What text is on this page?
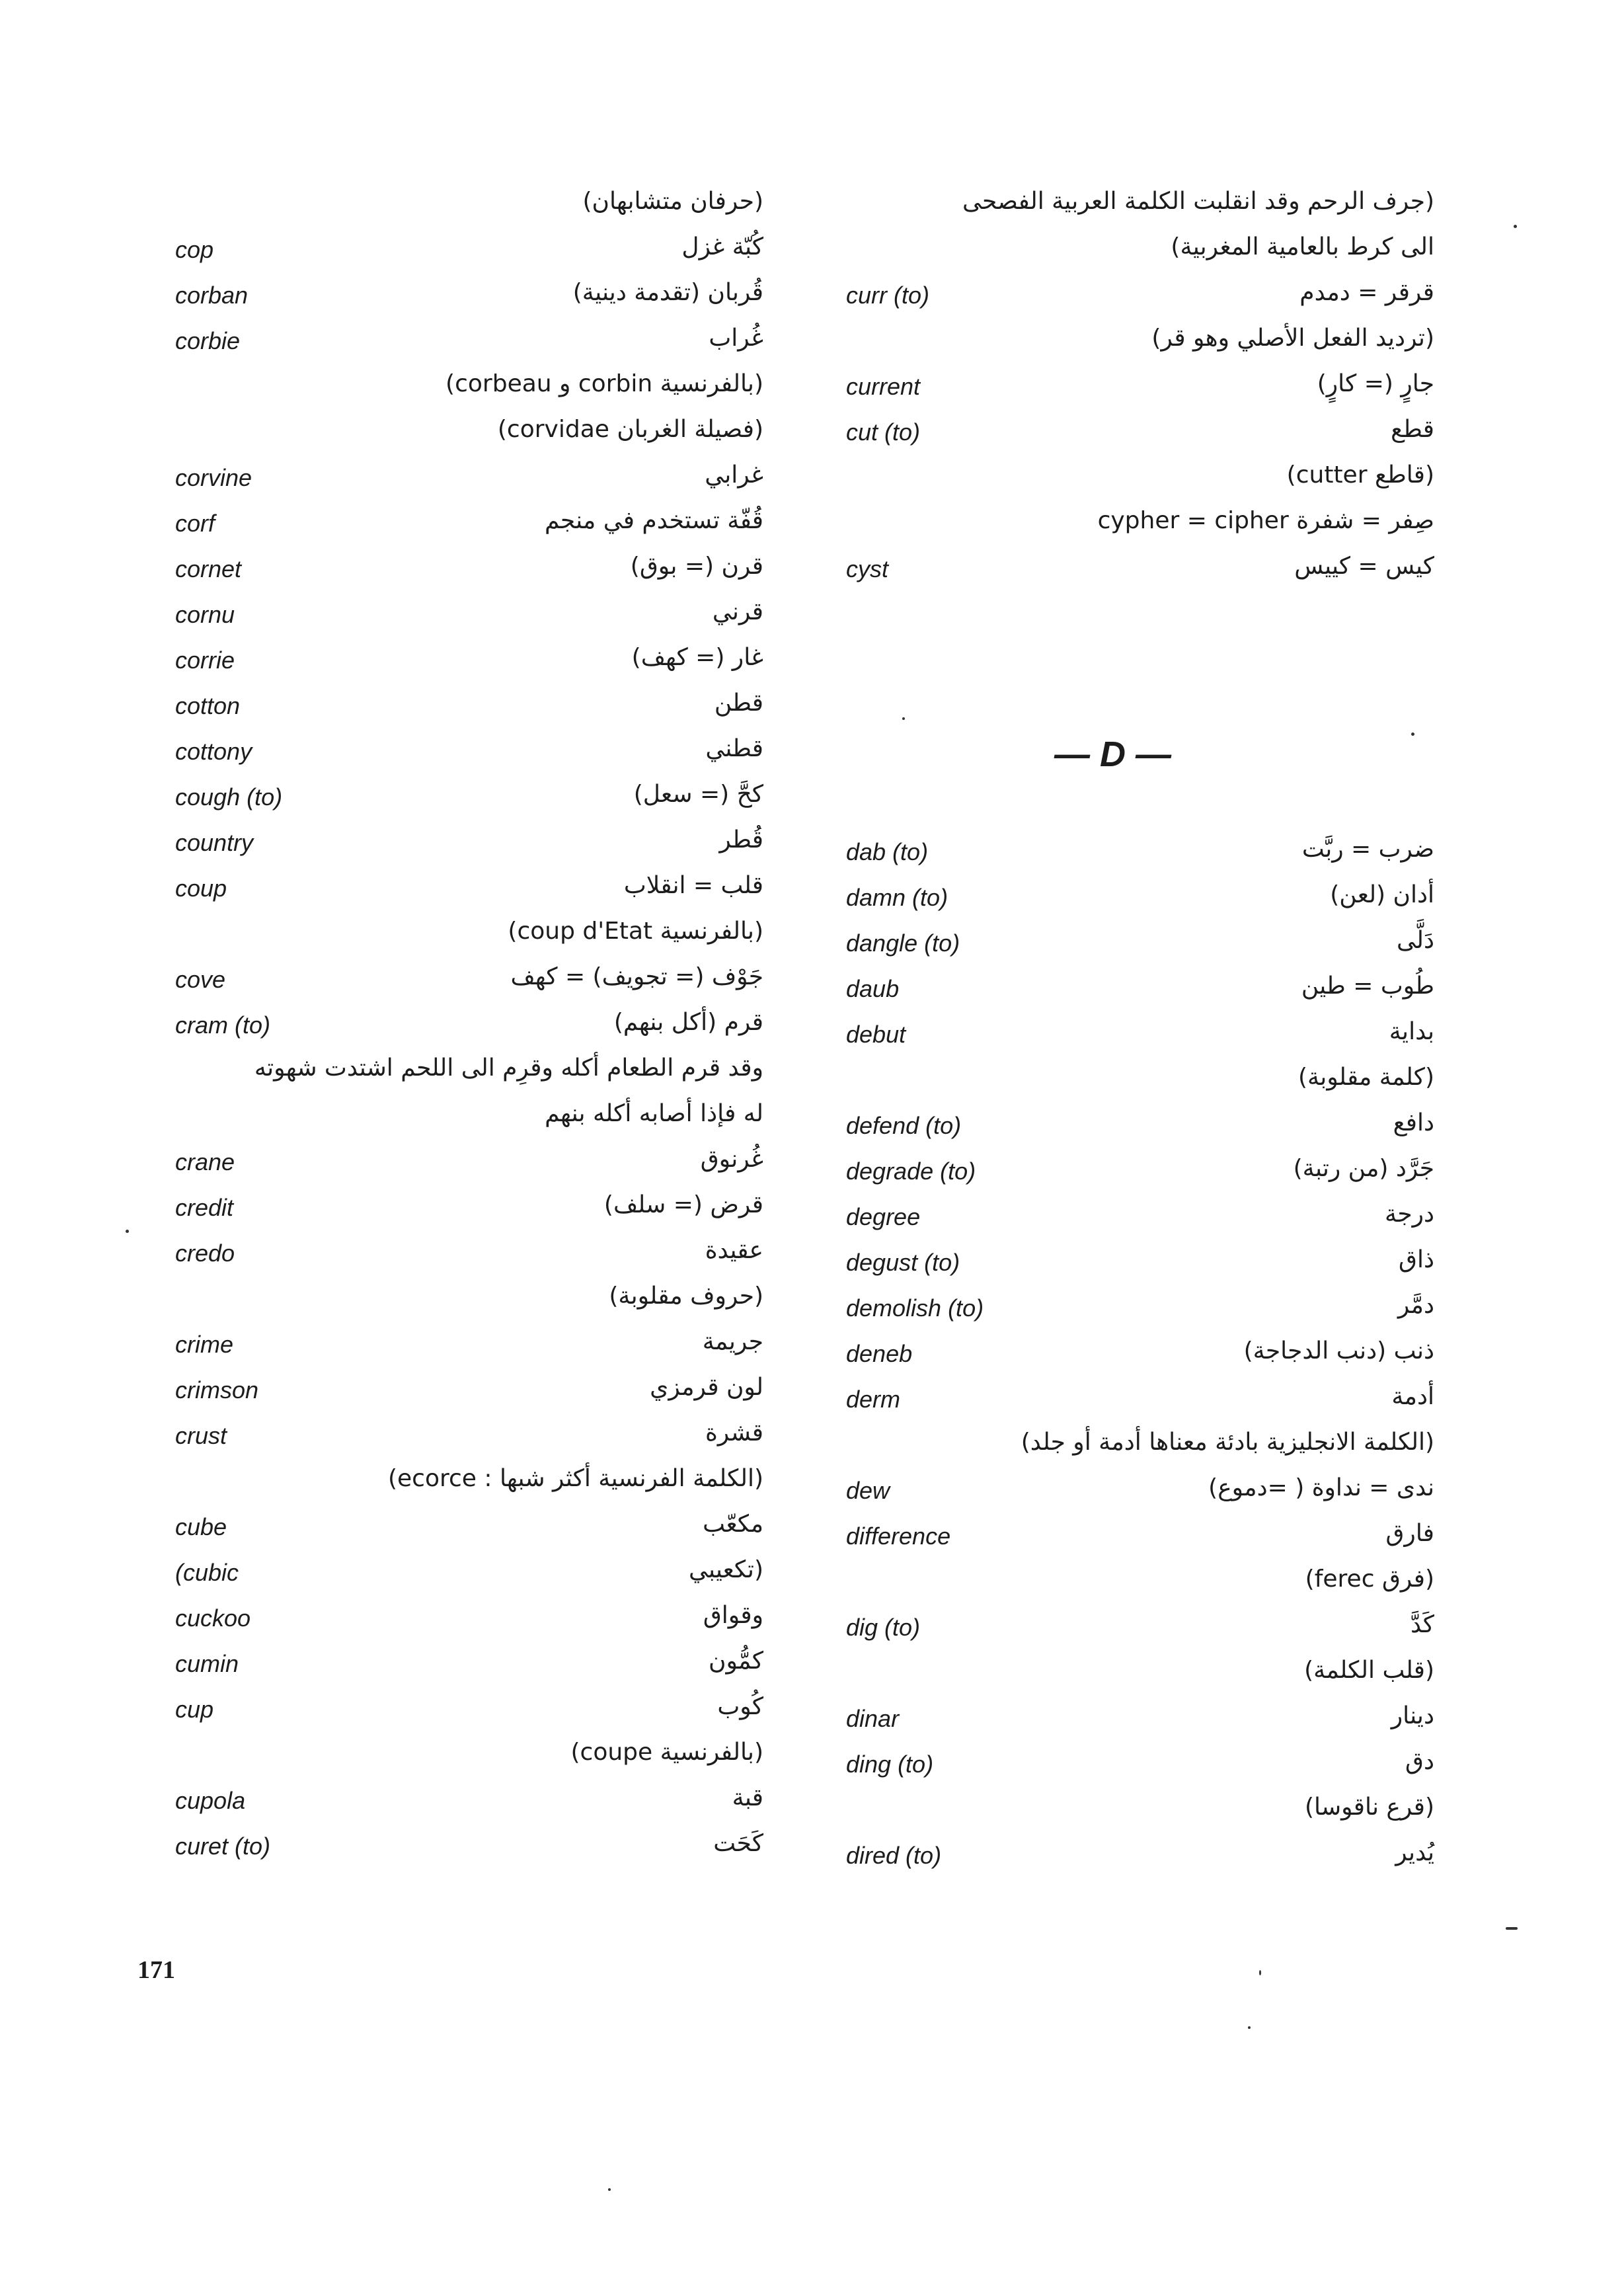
(حرفان متشابهان)
cop	كُبّة غزل
corban	قُربان (تقدمة دينية)
corbie	غُراب
(بالفرنسية corbin و corbeau)
(فصيلة الغربان corvidae)
corvine	غرابي
corf	قُفّة تستخدم في منجم
cornet	قرن (= بوق)
cornu	قرني
corrie	غار (= كهف)
cotton	قطن
cottony	قطني
cough (to)	كحَّ (= سعل)
country	قُطر
coup	قلب = انقلاب
(بالفرنسية coup d'Etat)
cove	جَوْف (= تجويف) = كهف
cram (to)	قرم (أكل بنهم)
وقد قرم الطعام أكله وقرِم الى اللحم اشتدت شهوته
له فإذا أصابه أكله بنهم
crane	غُرنوق
credit	قرض (= سلف)
credo	عقيدة
(حروف مقلوبة)
crime	جريمة
crimson	لون قرمزي
crust	قشرة
(الكلمة الفرنسية أكثر شبها : ecorce)
cube	مكعّب
(cubic	(تكعيبي
cuckoo	وقواق
cumin	كمُّون
cup	كُوب
(بالفرنسية coupe)
cupola	قبة
curet (to)	كَحَت
(جرف الرحم وقد انقلبت الكلمة العربية الفصحى
الى كرط بالعامية المغربية)
curr (to)	قرقر = دمدم
(ترديد الفعل الأصلي وهو قر)
current	جارٍ (= كارٍ)
cut (to)	قطع
(قاطع cutter)
صِفر = شفرة cypher = cipher
cyst	كيس = كييس
— D —
dab (to)	ضرب = ربَّت
damn (to)	أدان (لعن)
dangle (to)	دَلَّى
daub	طُوب = طين
debut	بداية
(كلمة مقلوبة)
defend (to)	دافع
degrade (to)	جَرَّد (من رتبة)
degree	درجة
degust (to)	ذاق
demolish (to)	دمَّر
deneb	ذنب (دنب الدجاجة)
derm	أدمة
(الكلمة الانجليزية بادئة معناها أدمة أو جلد)
dew	ندى = نداوة ( =دموع)
difference	فارق
(فرق ferec)
dig (to)	كَدَّ
(قلب الكلمة)
dinar	دينار
ding (to)	دق
(قرع ناقوسا)
dired (to)	يُدير
171
